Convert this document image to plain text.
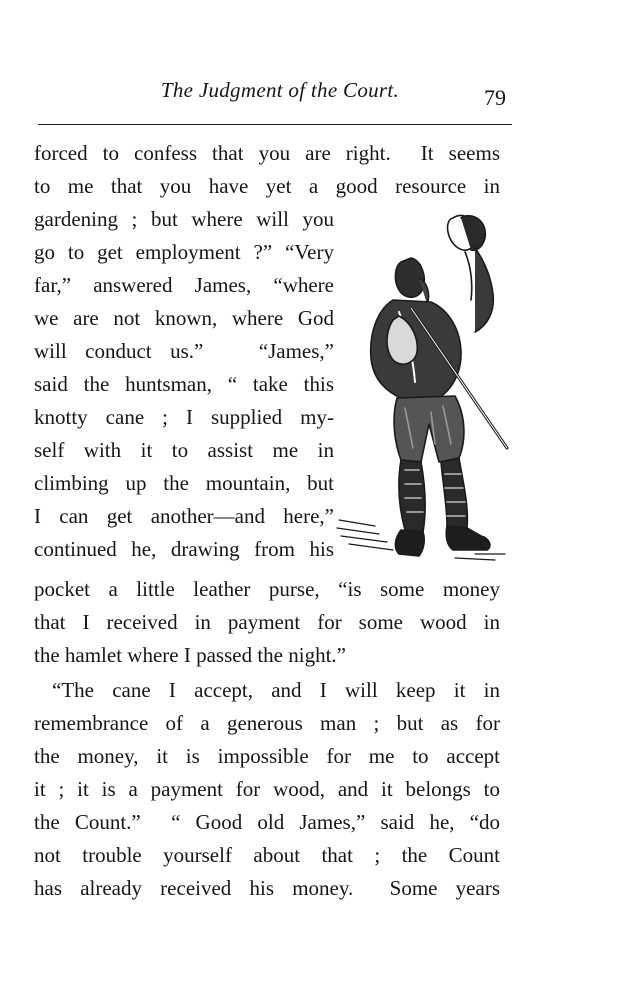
The Judgment of the Court.	79
forced to confess that you are right.  It seems
to me that you have yet a good resource in
gardening ; but where will you
go to get employment ?” “Very
far,” answered James, “where
we are not known, where God
will conduct us.”   “James,”
said the huntsman, “ take this
knotty cane ; I supplied my-
self with it to assist me in
climbing up the mountain, but
I can get another—and here,”
continued he, drawing from his
pocket a little leather purse, “is some money
that I received in payment for some wood in
the hamlet where I passed the night.”
“The cane I accept, and I will keep it in
remembrance of a generous man ; but as for
the money, it is impossible for me to accept
it ; it is a payment for wood, and it belongs to
the Count.”  “ Good old James,” said he, “do
not trouble yourself about that ; the Count
has already received his money.  Some years
